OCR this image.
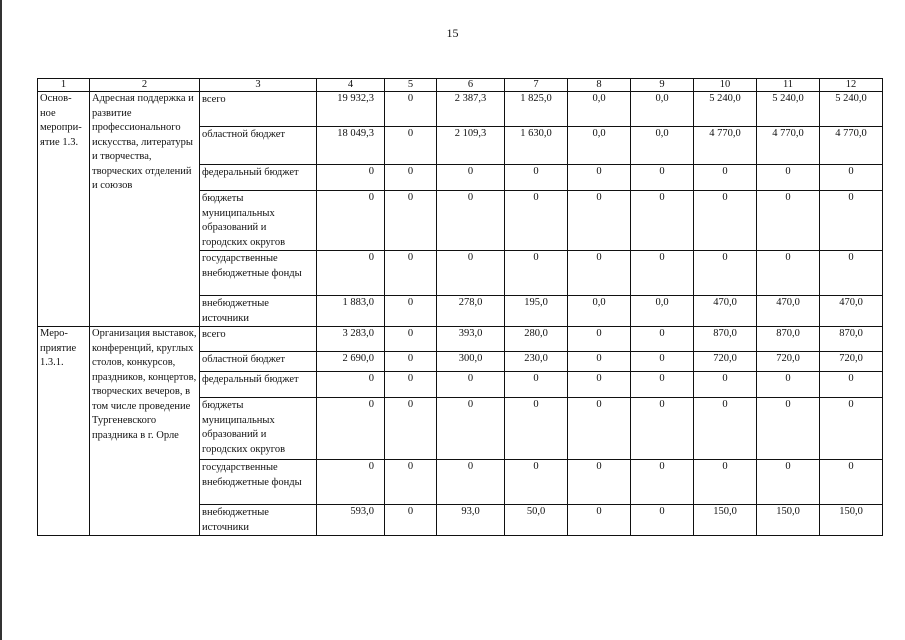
15
1	2	3	4	5	6	7	8	9	10	11	12
Основ-ное меропри-ятие 1.3.	Адресная поддержка и развитие профессионального искусства, литературы и творчества, творческих отделений и союзов	всего	19 932,3	0	2 387,3	1 825,0	0,0	0,0	5 240,0	5 240,0	5 240,0
		областной бюджет	18 049,3	0	2 109,3	1 630,0	0,0	0,0	4 770,0	4 770,0	4 770,0
		федеральный бюджет	0	0	0	0	0	0	0	0	0
		бюджеты муниципальных образований и городских округов	0	0	0	0	0	0	0	0	0
		государственные внебюджетные фонды	0	0	0	0	0	0	0	0	0
		внебюджетные источники	1 883,0	0	278,0	195,0	0,0	0,0	470,0	470,0	470,0
Меро-приятие 1.3.1.	Организация выставок, конференций, круглых столов, конкурсов, праздников, концертов, творческих вечеров, в том числе проведение Тургеневского праздника в г. Орле	всего	3 283,0	0	393,0	280,0	0	0	870,0	870,0	870,0
		областной бюджет	2 690,0	0	300,0	230,0	0	0	720,0	720,0	720,0
		федеральный бюджет	0	0	0	0	0	0	0	0	0
		бюджеты муниципальных образований и городских округов	0	0	0	0	0	0	0	0	0
		государственные внебюджетные фонды	0	0	0	0	0	0	0	0	0
		внебюджетные источники	593,0	0	93,0	50,0	0	0	150,0	150,0	150,0
